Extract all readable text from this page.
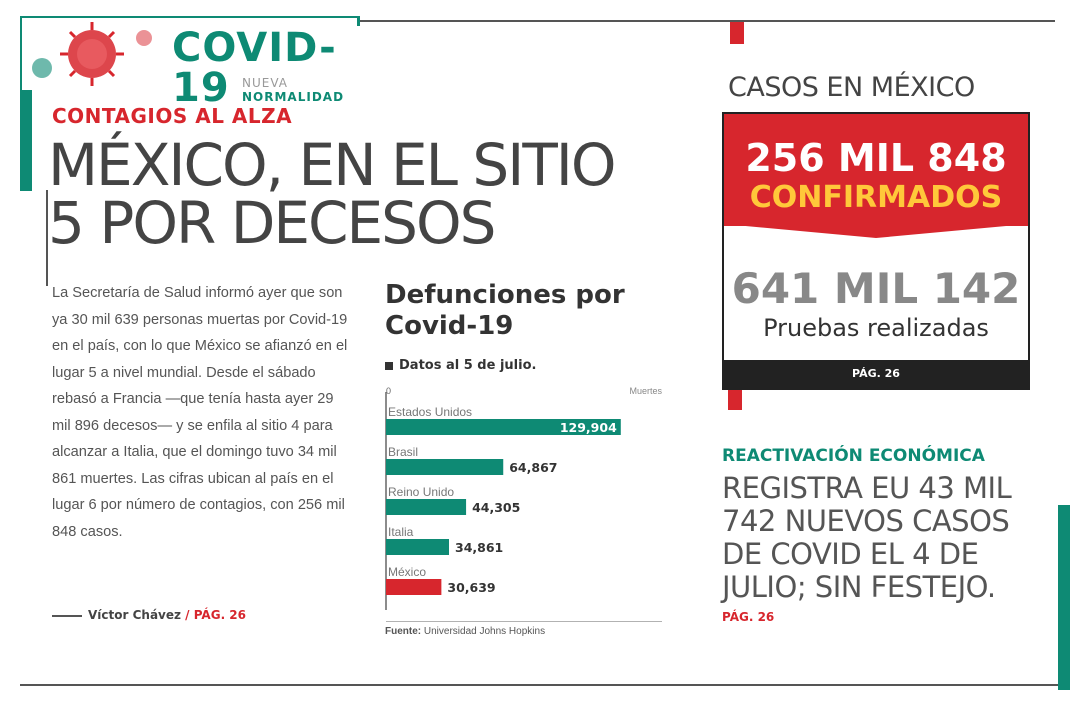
COVID-19	NUEVA NORMALIDAD
CONTAGIOS AL ALZA
MÉXICO, EN EL SITIO
5 POR DECESOS
La Secretaría de Salud informó ayer que son ya 30 mil 639 personas muertas por Covid-19 en el país, con lo que México se afianzó en el lugar 5 a nivel mundial. Desde el sábado rebasó a Francia —que tenía hasta ayer 29 mil 896 decesos— y se enfila al sitio 4 para alcanzar a Italia, que el domingo tuvo 34 mil 861 muertes. Las cifras ubican al país en el lugar 6 por número de contagios, con 256 mil 848 casos.
Víctor Chávez / PÁG. 26
Defunciones por Covid-19
Datos al 5 de julio.
0	Muertes
Estados Unidos
129,904
Brasil
64,867
Reino Unido
44,305
Italia
34,861
México
30,639
Fuente: Universidad Johns Hopkins
CASOS EN MÉXICO
256 MIL 848
CONFIRMADOS
641 MIL 142
Pruebas realizadas
PÁG. 26
REACTIVACIÓN ECONÓMICA
REGISTRA EU 43 MIL 742 NUEVOS CASOS DE COVID EL 4 DE JULIO; SIN FESTEJO.
PÁG. 26
